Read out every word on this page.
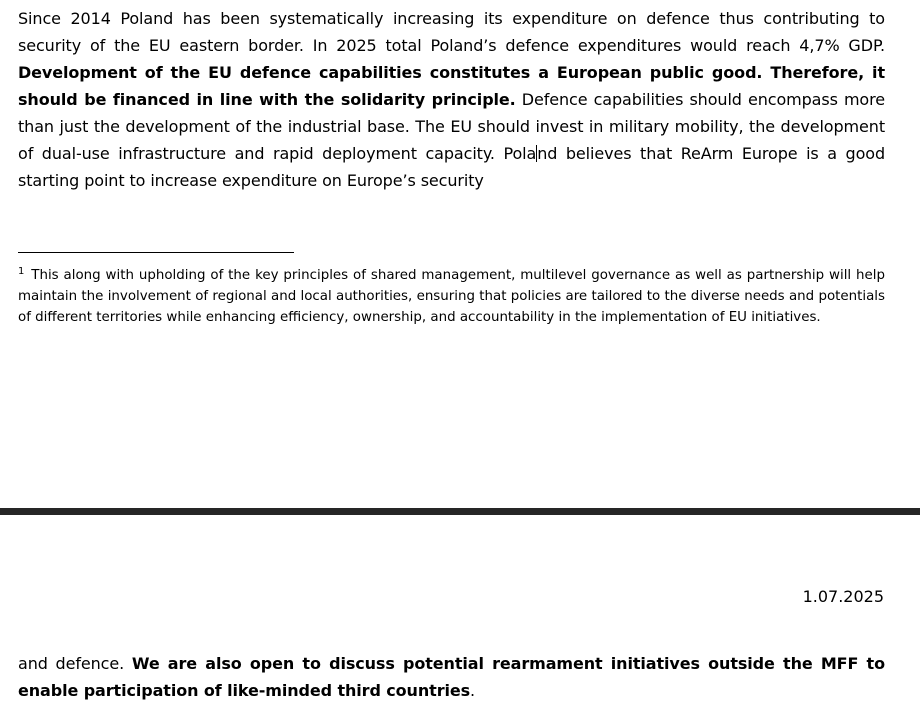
Since 2014 Poland has been systematically increasing its expenditure on defence thus contributing to security of the EU eastern border. In 2025 total Poland’s defence expenditures would reach 4,7% GDP. Development of the EU defence capabilities constitutes a European public good. Therefore, it should be financed in line with the solidarity principle. Defence capabilities should encompass more than just the development of the industrial base. The EU should invest in military mobility, the development of dual-use infrastructure and rapid deployment capacity. Poland believes that ReArm Europe is a good starting point to increase expenditure on Europe’s security

$^1$ This along with upholding of the key principles of shared management, multilevel governance as well as partnership will help maintain the involvement of regional and local authorities, ensuring that policies are tailored to the diverse needs and potentials of different territories while enhancing efficiency, ownership, and accountability in the implementation of EU initiatives.

1.07.2025

and defence. We are also open to discuss potential rearmament initiatives outside the MFF to enable participation of like-minded third countries.
